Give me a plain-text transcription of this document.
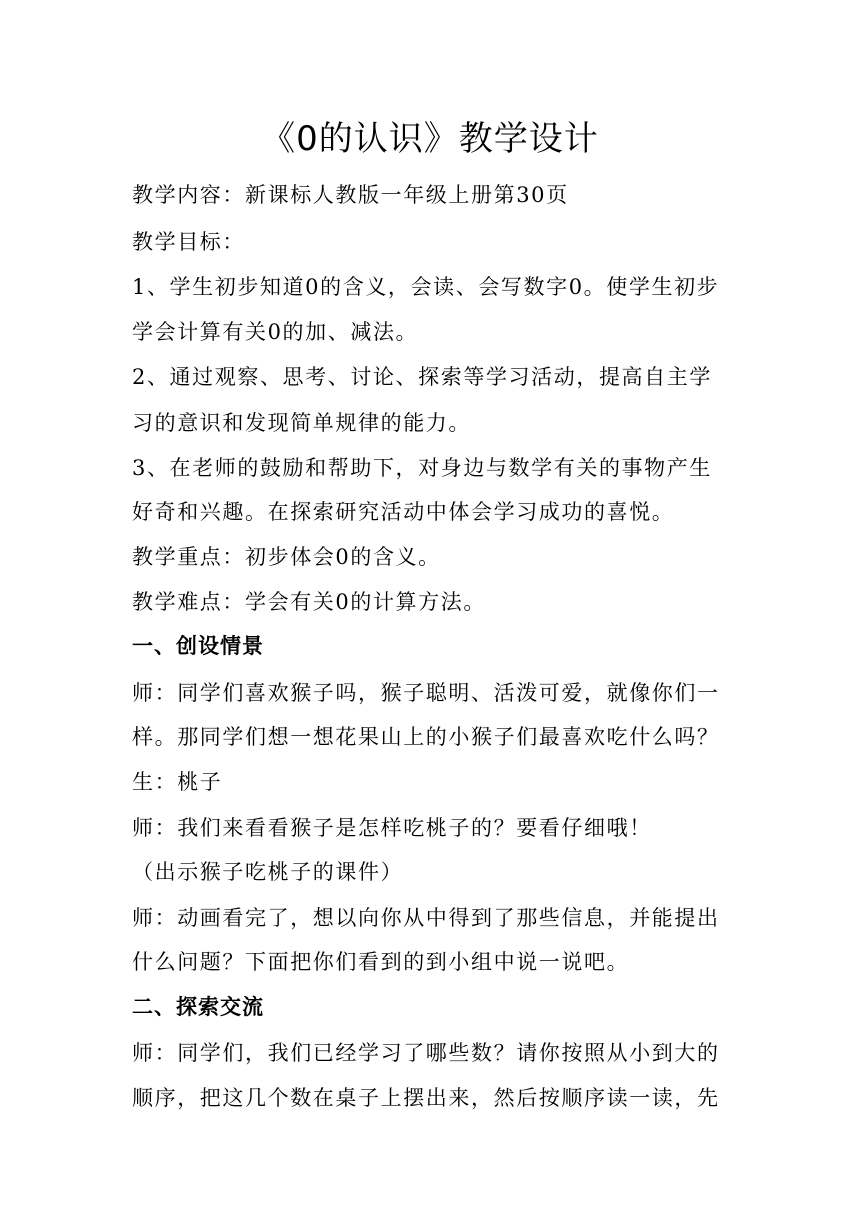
《0的认识》教学设计

教学内容：新课标人教版一年级上册第30页

教学目标：

1、学生初步知道0的含义，会读、会写数字0。使学生初步

学会计算有关0的加、减法。

2、通过观察、思考、讨论、探索等学习活动，提高自主学

习的意识和发现简单规律的能力。

3、在老师的鼓励和帮助下，对身边与数学有关的事物产生

好奇和兴趣。在探索研究活动中体会学习成功的喜悦。

教学重点：初步体会0的含义。

教学难点：学会有关0的计算方法。

一、创设情景

师：同学们喜欢猴子吗，猴子聪明、活泼可爱，就像你们一

样。那同学们想一想花果山上的小猴子们最喜欢吃什么吗？

生：桃子

师：我们来看看猴子是怎样吃桃子的？要看仔细哦！

（出示猴子吃桃子的课件）

师：动画看完了，想以向你从中得到了那些信息，并能提出

什么问题？下面把你们看到的到小组中说一说吧。

二、探索交流

师：同学们，我们已经学习了哪些数？请你按照从小到大的

顺序，把这几个数在桌子上摆出来，然后按顺序读一读，先
